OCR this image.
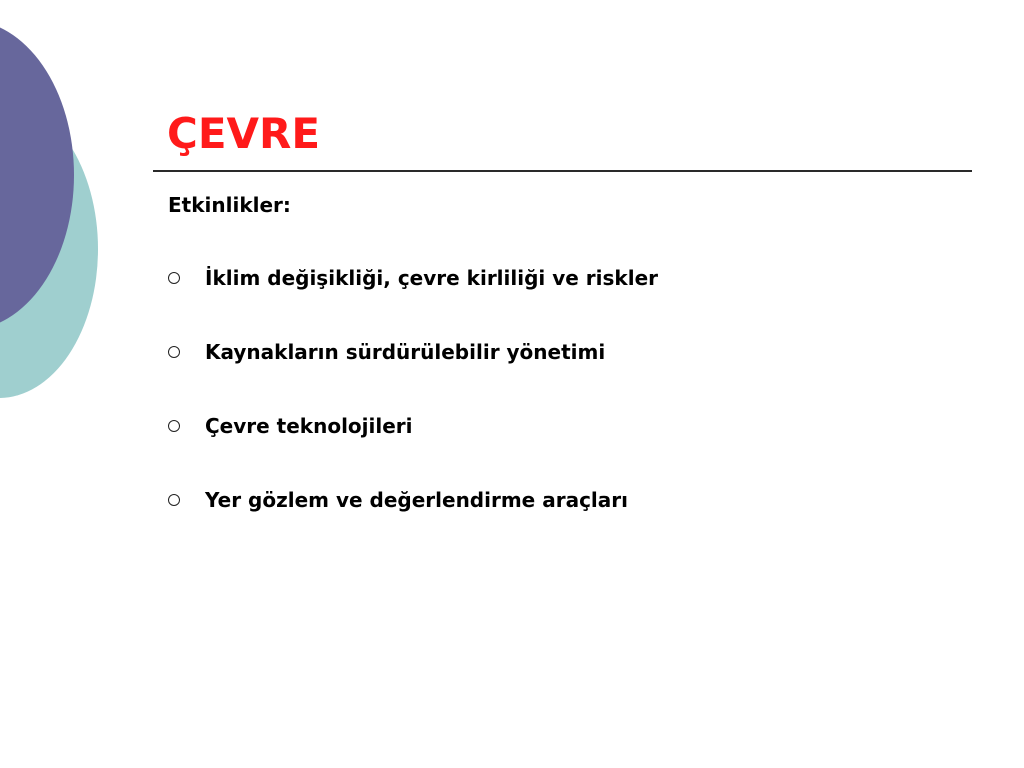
ÇEVRE

Etkinlikler:

İklim değişikliği, çevre kirliliği ve riskler
Kaynakların sürdürülebilir yönetimi
Çevre teknolojileri
Yer gözlem ve değerlendirme araçları
